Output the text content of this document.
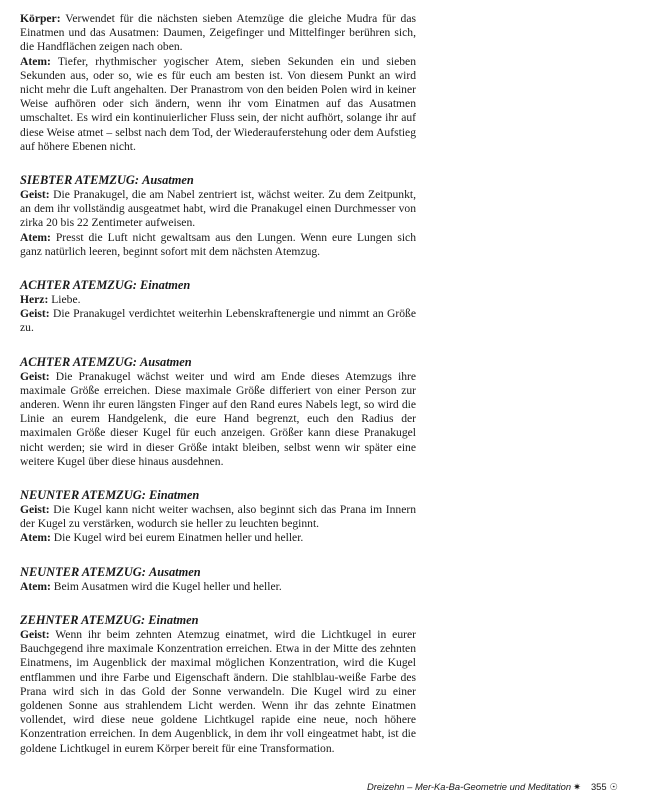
Körper: Verwendet für die nächsten sieben Atemzüge die gleiche Mudra für das Einatmen und das Ausatmen: Daumen, Zeigefinger und Mittelfinger berühren sich, die Handflächen zeigen nach oben.

Atem: Tiefer, rhythmischer yogischer Atem, sieben Sekunden ein und sieben Sekunden aus, oder so, wie es für euch am besten ist. Von diesem Punkt an wird nicht mehr die Luft angehalten. Der Pranastrom von den beiden Polen wird in keiner Weise aufhören oder sich ändern, wenn ihr vom Einatmen auf das Ausatmen umschaltet. Es wird ein kontinuierlicher Fluss sein, der nicht aufhört, solange ihr auf diese Weise atmet – selbst nach dem Tod, der Wiederauferstehung oder dem Aufstieg auf höhere Ebenen nicht.

SIEBTER ATEMZUG: Ausatmen

Geist: Die Pranakugel, die am Nabel zentriert ist, wächst weiter. Zu dem Zeitpunkt, an dem ihr vollständig ausgeatmet habt, wird die Pranakugel einen Durchmesser von zirka 20 bis 22 Zentimeter aufweisen.

Atem: Presst die Luft nicht gewaltsam aus den Lungen. Wenn eure Lungen sich ganz natürlich leeren, beginnt sofort mit dem nächsten Atemzug.

ACHTER ATEMZUG: Einatmen

Herz: Liebe.

Geist: Die Pranakugel verdichtet weiterhin Lebenskraftenergie und nimmt an Größe zu.

ACHTER ATEMZUG: Ausatmen

Geist: Die Pranakugel wächst weiter und wird am Ende dieses Atemzugs ihre maximale Größe erreichen. Diese maximale Größe differiert von einer Person zur anderen. Wenn ihr euren längsten Finger auf den Rand eures Nabels legt, so wird die Linie an eurem Handgelenk, die eure Hand begrenzt, euch den Radius der maximalen Größe dieser Kugel für euch anzeigen. Größer kann diese Pranakugel nicht werden; sie wird in dieser Größe intakt bleiben, selbst wenn wir später eine weitere Kugel über diese hinaus ausdehnen.

NEUNTER ATEMZUG: Einatmen

Geist: Die Kugel kann nicht weiter wachsen, also beginnt sich das Prana im Innern der Kugel zu verstärken, wodurch sie heller zu leuchten beginnt.

Atem: Die Kugel wird bei eurem Einatmen heller und heller.

NEUNTER ATEMZUG: Ausatmen

Atem: Beim Ausatmen wird die Kugel heller und heller.

ZEHNTER ATEMZUG: Einatmen

Geist: Wenn ihr beim zehnten Atemzug einatmet, wird die Lichtkugel in eurer Bauchgegend ihre maximale Konzentration erreichen. Etwa in der Mitte des zehnten Einatmens, im Augenblick der maximal möglichen Konzentration, wird die Kugel entflammen und ihre Farbe und Eigenschaft ändern. Die stahlblau-weiße Farbe des Prana wird sich in das Gold der Sonne verwandeln. Die Kugel wird zu einer goldenen Sonne aus strahlendem Licht werden. Wenn ihr das zehnte Einatmen vollendet, wird diese neue goldene Lichtkugel rapide eine neue, noch höhere Konzentration erreichen. In dem Augenblick, in dem ihr voll eingeatmet habt, ist die goldene Lichtkugel in eurem Körper bereit für eine Transformation.

Dreizehn – Mer-Ka-Ba-Geometrie und Meditation ✷ 355 ☉
